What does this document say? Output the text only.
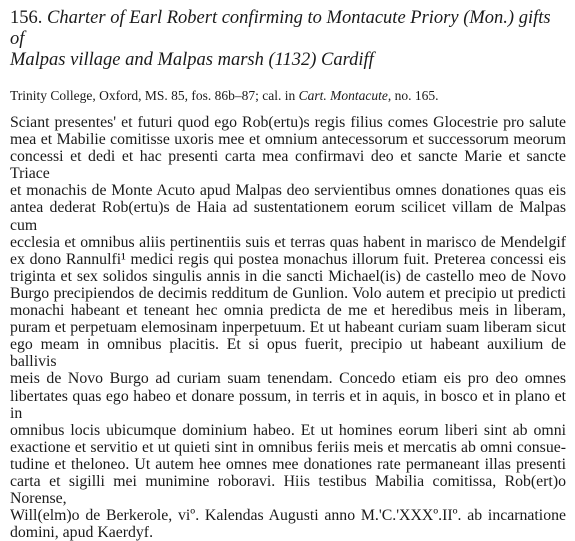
156. Charter of Earl Robert confirming to Montacute Priory (Mon.) gifts of
Malpas village and Malpas marsh (1132) Cardiff

Trinity College, Oxford, MS. 85, fos. 86b–87; cal. in Cart. Montacute, no. 165.

Sciant presentes' et futuri quod ego Rob(ertu)s regis filius comes Glocestrie pro salute
mea et Mabilie comitisse uxoris mee et omnium antecessorum et successorum meorum
concessi et dedi et hac presenti carta mea confirmavi deo et sancte Marie et sancte Triace
et monachis de Monte Acuto apud Malpas deo servientibus omnes donationes quas eis
antea dederat Rob(ertu)s de Haia ad sustentationem eorum scilicet villam de Malpas cum
ecclesia et omnibus aliis pertinentiis suis et terras quas habent in marisco de Mendelgif
ex dono Rannulfi¹ medici regis qui postea monachus illorum fuit. Preterea concessi eis
triginta et sex solidos singulis annis in die sancti Michael(is) de castello meo de Novo
Burgo precipiendos de decimis redditum de Gunlion. Volo autem et precipio ut predicti
monachi habeant et teneant hec omnia predicta de me et heredibus meis in liberam,
puram et perpetuam elemosinam inperpetuum. Et ut habeant curiam suam liberam sicut
ego meam in omnibus placitis. Et si opus fuerit, precipio ut habeant auxilium de ballivis
meis de Novo Burgo ad curiam suam tenendam. Concedo etiam eis pro deo omnes
libertates quas ego habeo et donare possum, in terris et in aquis, in bosco et in plano et in
omnibus locis ubicumque dominium habeo. Et ut homines eorum liberi sint ab omni
exactione et servitio et ut quieti sint in omnibus feriis meis et mercatis ab omni consue-
tudine et theloneo. Ut autem hee omnes mee donationes rate permaneant illas presenti
carta et sigilli mei munimine roboravi. Hiis testibus Mabilia comitissa, Rob(ert)o Norense,
Will(elm)o de Berkerole, viº. Kalendas Augusti anno M.'C.'XXXº.IIº. ab incarnatione
domini, apud Kaerdyf.
